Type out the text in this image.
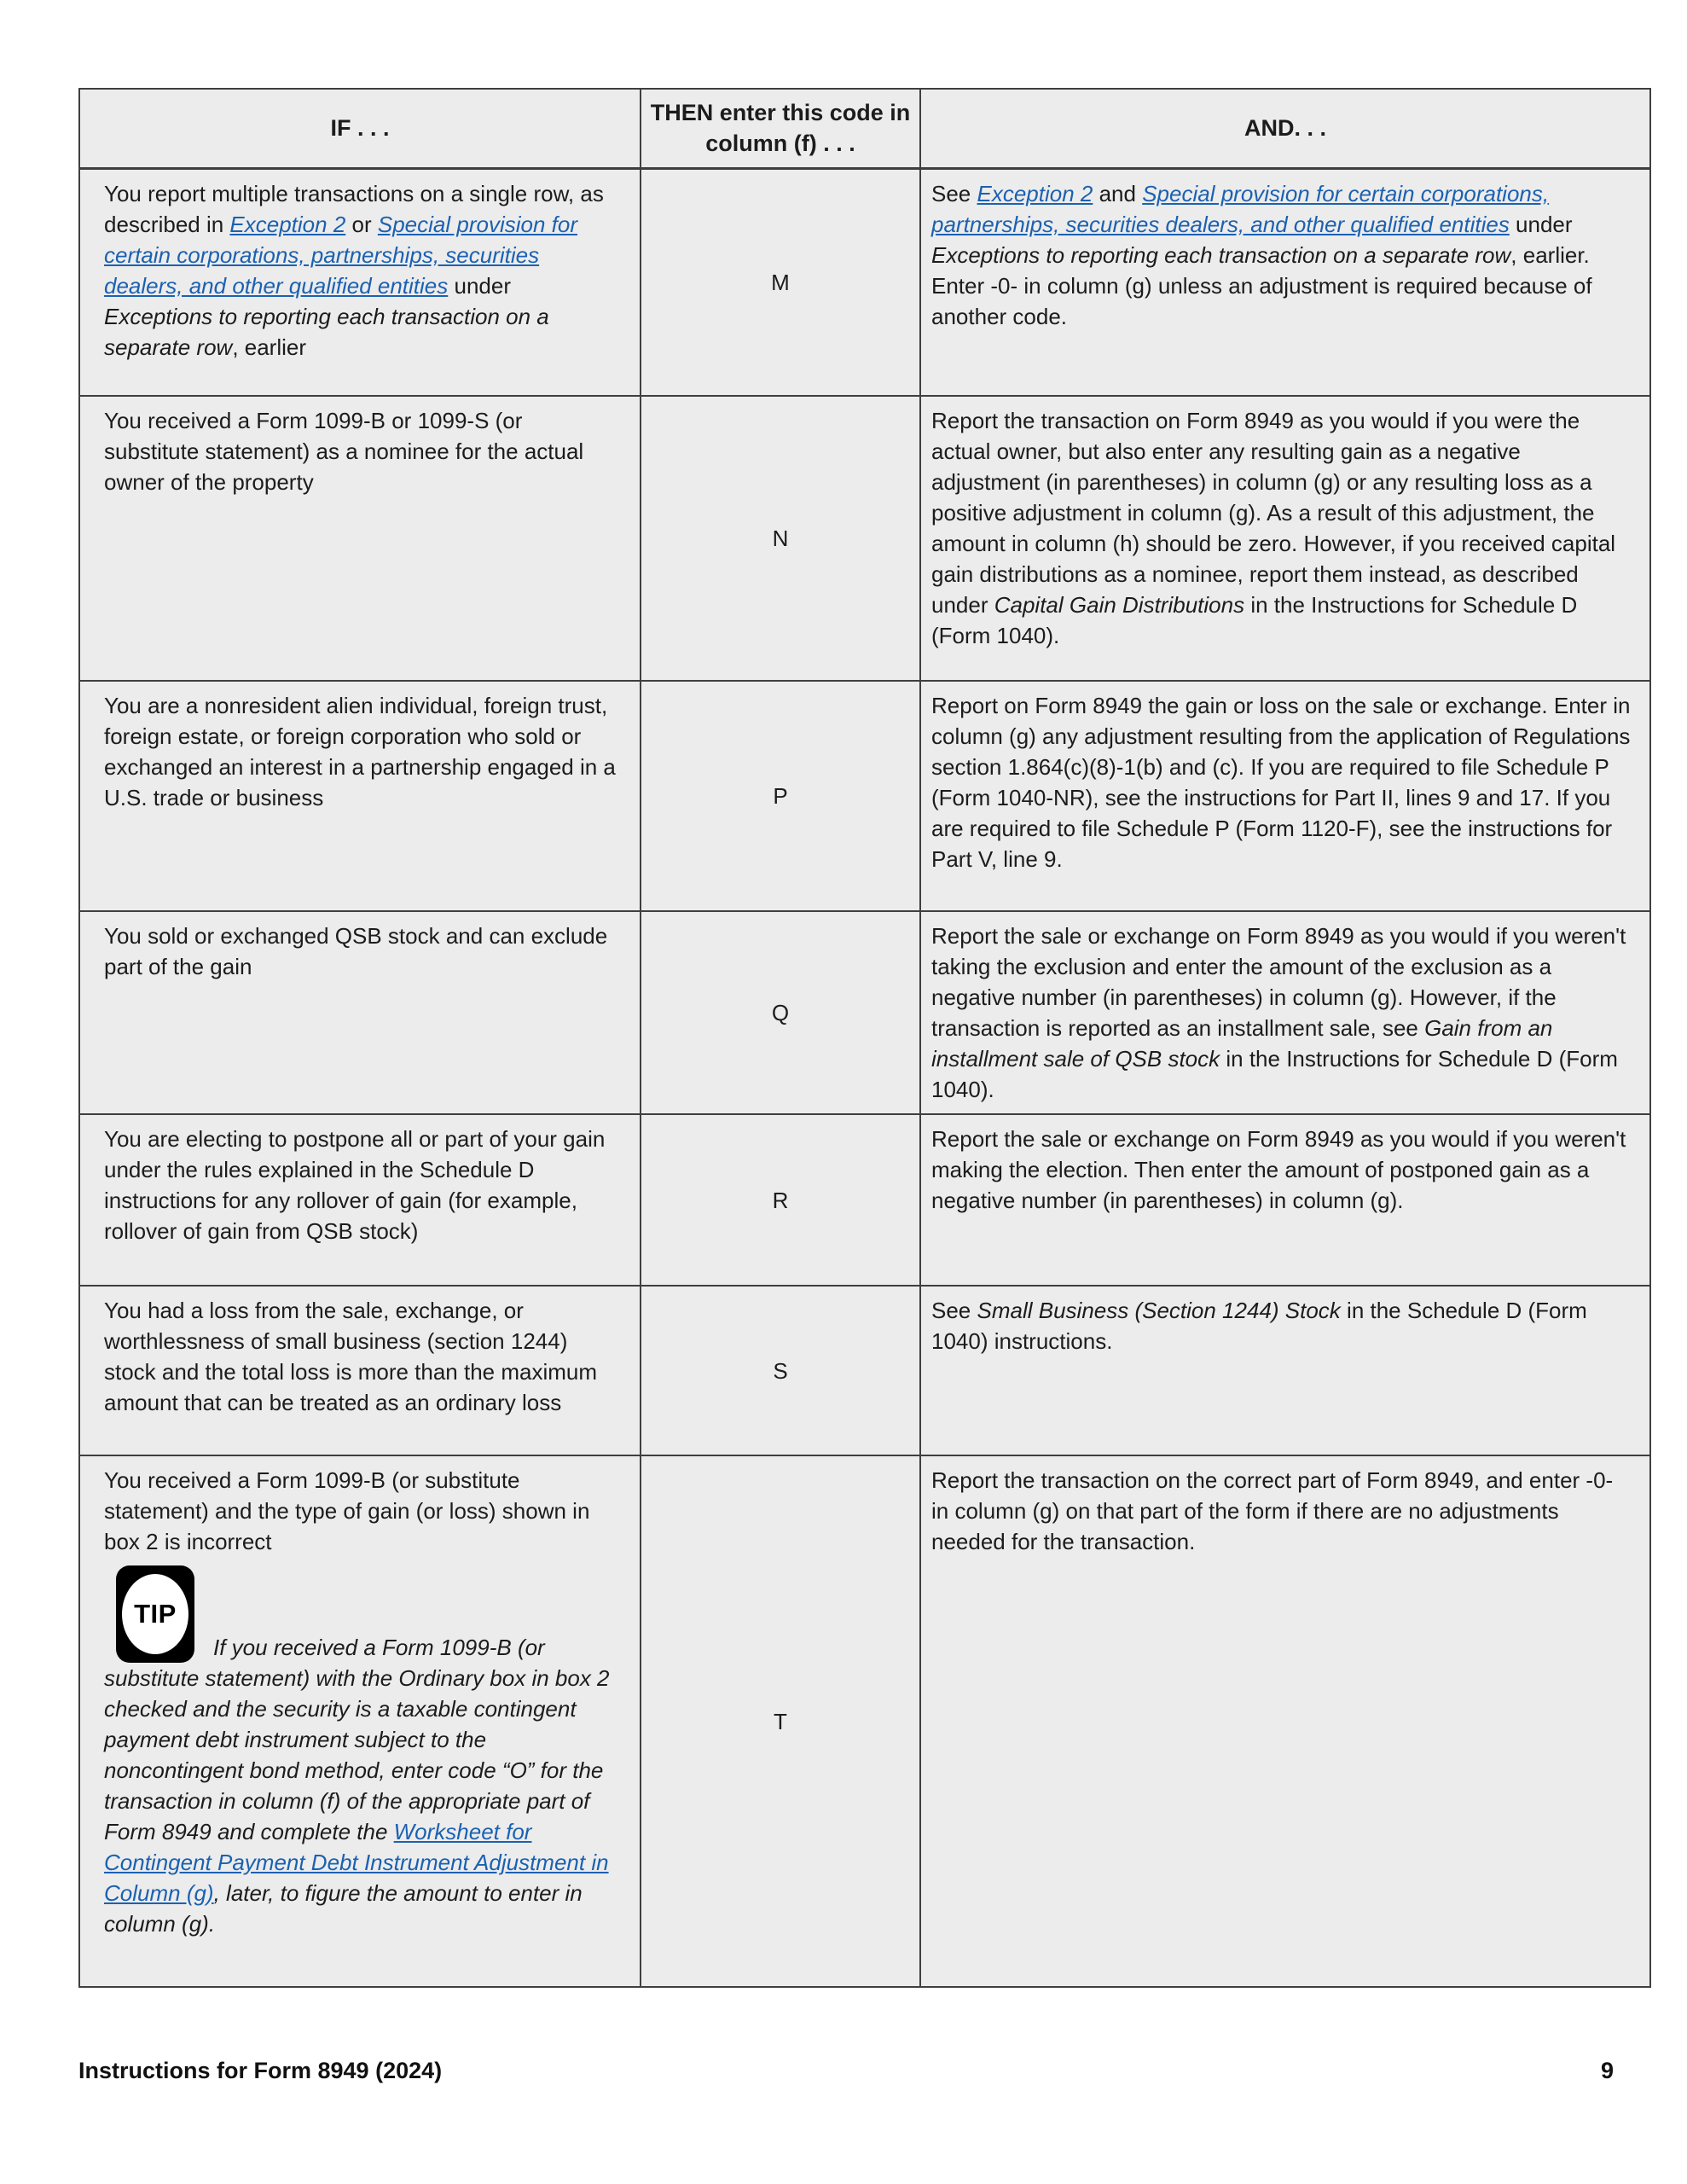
IF . . .	THEN enter this code in column (f) . . .	AND. . .
You report multiple transactions on a single row, as described in Exception 2 or Special provision for certain corporations, partnerships, securities dealers, and other qualified entities under Exceptions to reporting each transaction on a separate row, earlier	M	See Exception 2 and Special provision for certain corporations, partnerships, securities dealers, and other qualified entities under Exceptions to reporting each transaction on a separate row, earlier. Enter -0- in column (g) unless an adjustment is required because of another code.
You received a Form 1099-B or 1099-S (or substitute statement) as a nominee for the actual owner of the property	N	Report the transaction on Form 8949 as you would if you were the actual owner, but also enter any resulting gain as a negative adjustment (in parentheses) in column (g) or any resulting loss as a positive adjustment in column (g). As a result of this adjustment, the amount in column (h) should be zero. However, if you received capital gain distributions as a nominee, report them instead, as described under Capital Gain Distributions in the Instructions for Schedule D (Form 1040).
You are a nonresident alien individual, foreign trust, foreign estate, or foreign corporation who sold or exchanged an interest in a partnership engaged in a U.S. trade or business	P	Report on Form 8949 the gain or loss on the sale or exchange. Enter in column (g) any adjustment resulting from the application of Regulations section 1.864(c)(8)-1(b) and (c). If you are required to file Schedule P (Form 1040-NR), see the instructions for Part II, lines 9 and 17. If you are required to file Schedule P (Form 1120-F), see the instructions for Part V, line 9.
You sold or exchanged QSB stock and can exclude part of the gain	Q	Report the sale or exchange on Form 8949 as you would if you weren't taking the exclusion and enter the amount of the exclusion as a negative number (in parentheses) in column (g). However, if the transaction is reported as an installment sale, see Gain from an installment sale of QSB stock in the Instructions for Schedule D (Form 1040).
You are electing to postpone all or part of your gain under the rules explained in the Schedule D instructions for any rollover of gain (for example, rollover of gain from QSB stock)	R	Report the sale or exchange on Form 8949 as you would if you weren't making the election. Then enter the amount of postponed gain as a negative number (in parentheses) in column (g).
You had a loss from the sale, exchange, or worthlessness of small business (section 1244) stock and the total loss is more than the maximum amount that can be treated as an ordinary loss	S	See Small Business (Section 1244) Stock in the Schedule D (Form 1040) instructions.

You received a Form 1099-B (or substitute statement) and the type of gain (or loss) shown in box 2 is incorrect
TIP
If you received a Form 1099-B (or substitute statement) with the Ordinary box in box 2 checked and the security is a taxable contingent payment debt instrument subject to the noncontingent bond method, enter code “O” for the transaction in column (f) of the appropriate part of Form 8949 and complete the Worksheet for Contingent Payment Debt Instrument Adjustment in Column (g), later, to figure the amount to enter in column (g).	T	Report the transaction on the correct part of Form 8949, and enter -0- in column (g) on that part of the form if there are no adjustments needed for the transaction.
Instructions for Form 8949 (2024)	9
